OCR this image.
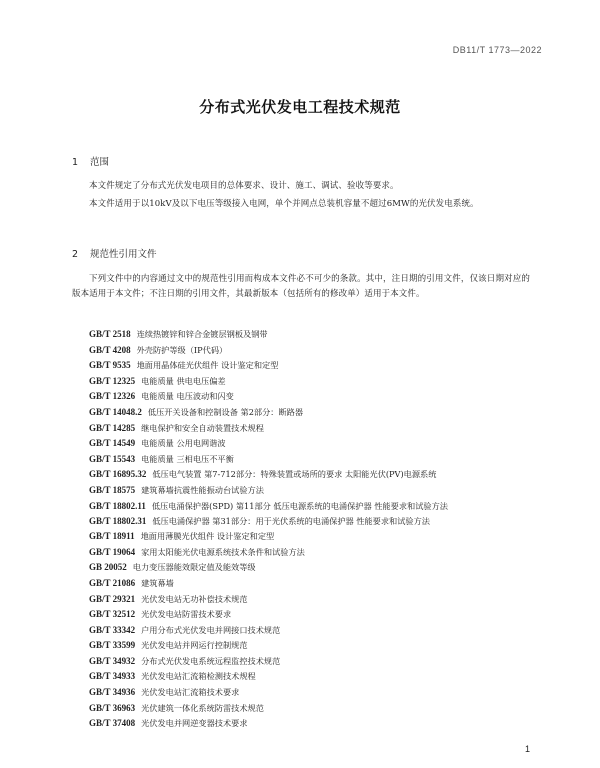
DB11/T 1773—2022
分布式光伏发电工程技术规范
1 范围
本文件规定了分布式光伏发电项目的总体要求、设计、施工、调试、验收等要求。
本文件适用于以10kV及以下电压等级接入电网，单个并网点总装机容量不超过6MW的光伏发电系统。
2 规范性引用文件
下列文件中的内容通过文中的规范性引用而构成本文件必不可少的条款。其中，注日期的引用文件，仅该日期对应的版本适用于本文件；不注日期的引用文件，其最新版本（包括所有的修改单）适用于本文件。
GB/T 2518 连续热镀锌和锌合金镀层钢板及钢带
GB/T 4208 外壳防护等级（IP代码）
GB/T 9535 地面用晶体硅光伏组件 设计鉴定和定型
GB/T 12325 电能质量 供电电压偏差
GB/T 12326 电能质量 电压波动和闪变
GB/T 14048.2 低压开关设备和控制设备 第2部分：断路器
GB/T 14285 继电保护和安全自动装置技术规程
GB/T 14549 电能质量 公用电网谐波
GB/T 15543 电能质量 三相电压不平衡
GB/T 16895.32 低压电气装置 第7-712部分：特殊装置或场所的要求 太阳能光伏(PV)电源系统
GB/T 18575 建筑幕墙抗震性能振动台试验方法
GB/T 18802.11 低压电涌保护器(SPD) 第11部分 低压电源系统的电涌保护器 性能要求和试验方法
GB/T 18802.31 低压电涌保护器 第31部分：用于光伏系统的电涌保护器 性能要求和试验方法
GB/T 18911 地面用薄膜光伏组件 设计鉴定和定型
GB/T 19064 家用太阳能光伏电源系统技术条件和试验方法
GB 20052 电力变压器能效限定值及能效等级
GB/T 21086 建筑幕墙
GB/T 29321 光伏发电站无功补偿技术规范
GB/T 32512 光伏发电站防雷技术要求
GB/T 33342 户用分布式光伏发电并网接口技术规范
GB/T 33599 光伏发电站并网运行控制规范
GB/T 34932 分布式光伏发电系统远程监控技术规范
GB/T 34933 光伏发电站汇流箱检测技术规程
GB/T 34936 光伏发电站汇流箱技术要求
GB/T 36963 光伏建筑一体化系统防雷技术规范
GB/T 37408 光伏发电并网逆变器技术要求
1
